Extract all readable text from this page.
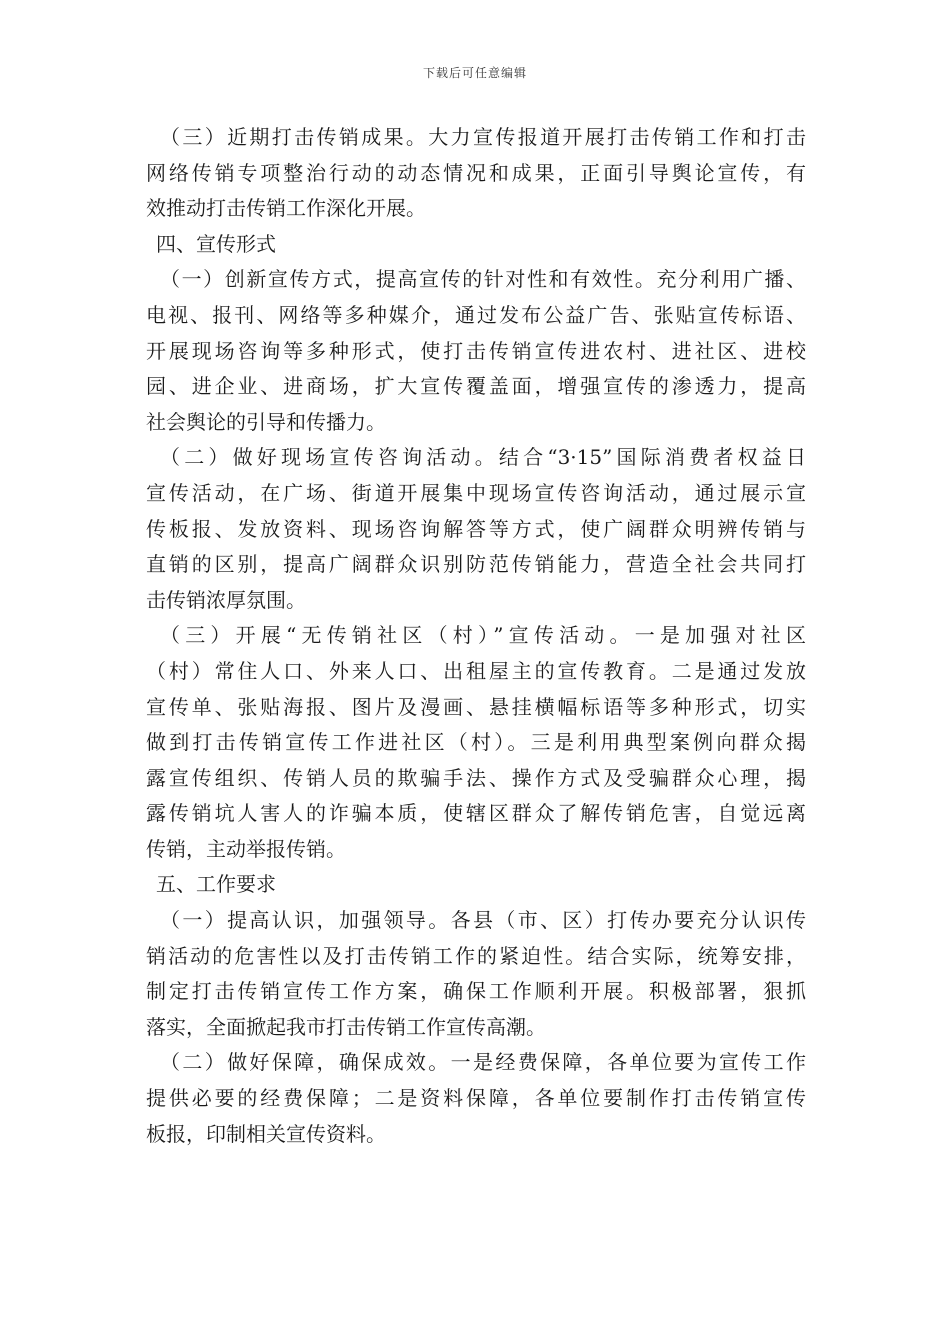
下载后可任意编辑
（三）近期打击传销成果。大力宣传报道开展打击传销工作和打击
网络传销专项整治行动的动态情况和成果，正面引导舆论宣传，有
效推动打击传销工作深化开展。
四、宣传形式
（一）创新宣传方式，提高宣传的针对性和有效性。充分利用广播、
电视、报刊、网络等多种媒介，通过发布公益广告、张贴宣传标语、
开展现场咨询等多种形式，使打击传销宣传进农村、进社区、进校
园、进企业、进商场，扩大宣传覆盖面，增强宣传的渗透力，提高
社会舆论的引导和传播力。
（二）做好现场宣传咨询活动。结合“3·15”国际消费者权益日
宣传活动，在广场、街道开展集中现场宣传咨询活动，通过展示宣
传板报、发放资料、现场咨询解答等方式，使广阔群众明辨传销与
直销的区别，提高广阔群众识别防范传销能力，营造全社会共同打
击传销浓厚氛围。
（三）开展“无传销社区（村）”宣传活动。一是加强对社区
（村）常住人口、外来人口、出租屋主的宣传教育。二是通过发放
宣传单、张贴海报、图片及漫画、悬挂横幅标语等多种形式，切实
做到打击传销宣传工作进社区（村）。三是利用典型案例向群众揭
露宣传组织、传销人员的欺骗手法、操作方式及受骗群众心理，揭
露传销坑人害人的诈骗本质，使辖区群众了解传销危害，自觉远离
传销，主动举报传销。
五、工作要求
（一）提高认识，加强领导。各县（市、区）打传办要充分认识传
销活动的危害性以及打击传销工作的紧迫性。结合实际，统筹安排，
制定打击传销宣传工作方案，确保工作顺利开展。积极部署，狠抓
落实，全面掀起我市打击传销工作宣传高潮。
（二）做好保障，确保成效。一是经费保障，各单位要为宣传工作
提供必要的经费保障；二是资料保障，各单位要制作打击传销宣传
板报，印制相关宣传资料。
